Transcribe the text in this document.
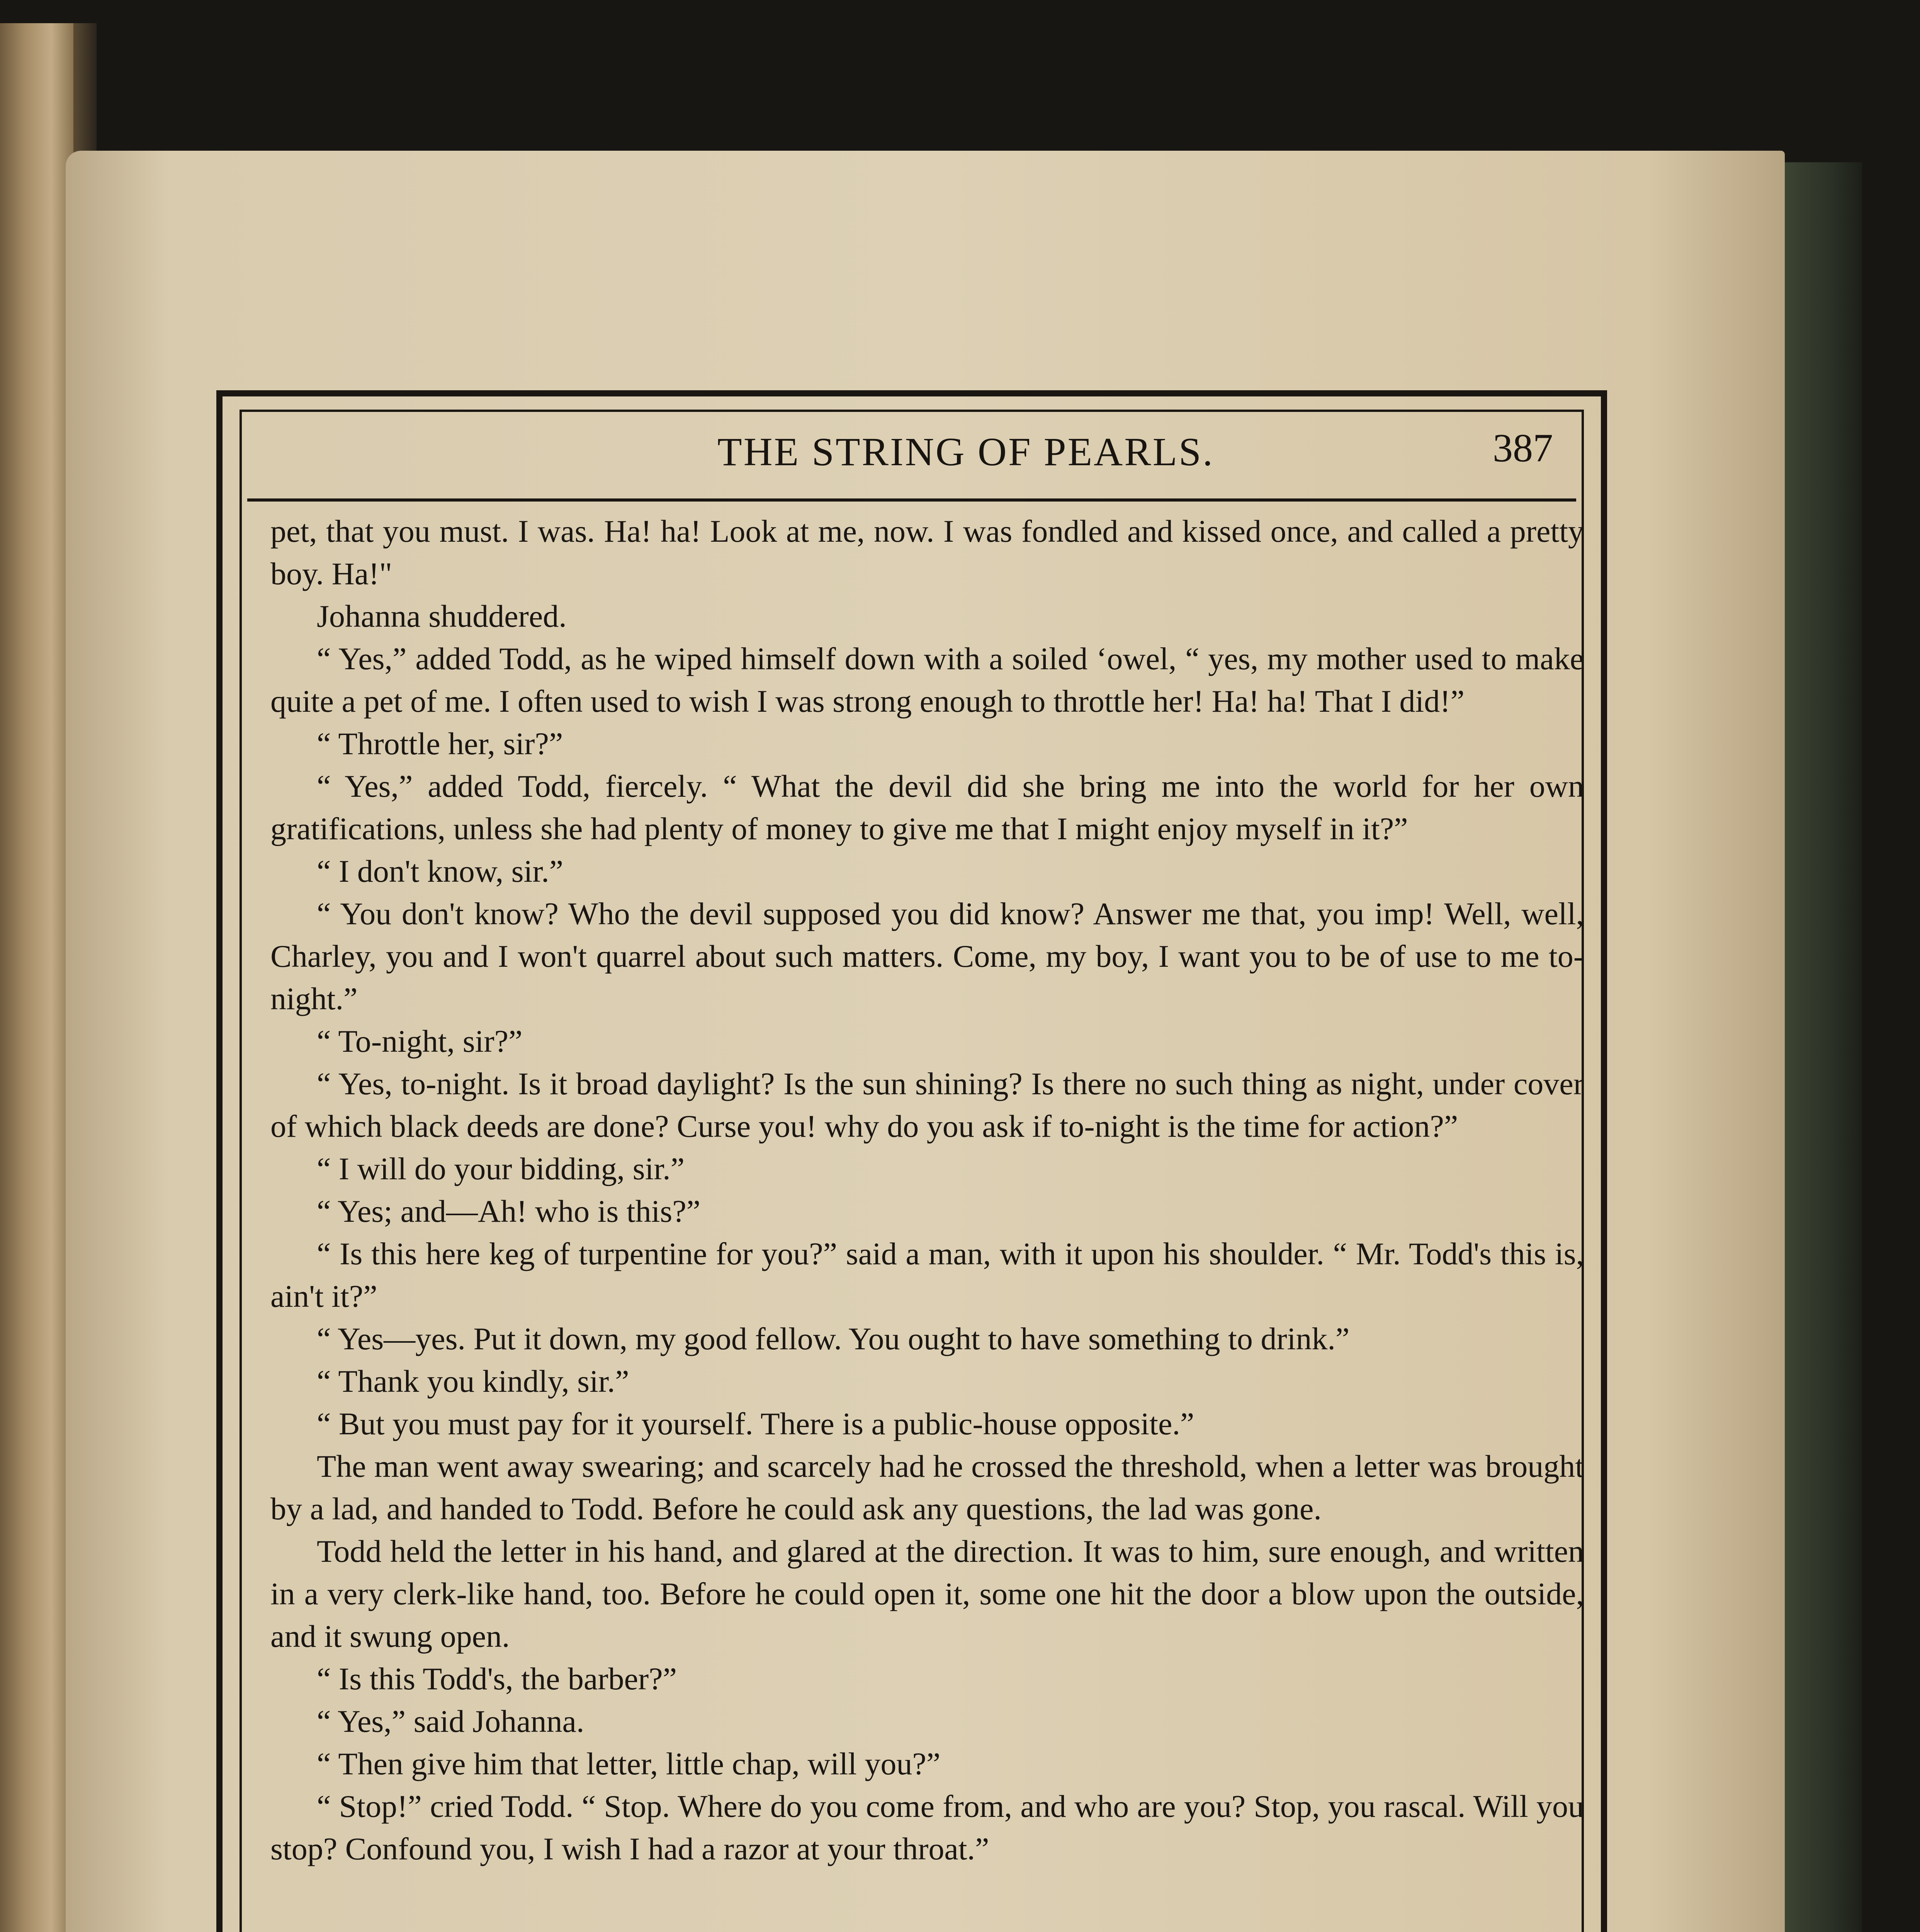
THE STRING OF PEARLS.	387

pet, that you must. I was. Ha! ha! Look at me, now. I was fondled and kissed once, and called a pretty boy. Ha!"

Johanna shuddered.

“ Yes,” added Todd, as he wiped himself down with a soiled ‘owel, “ yes, my mother used to make quite a pet of me. I often used to wish I was strong enough to throttle her! Ha! ha! That I did!”

“ Throttle her, sir?”

“ Yes,” added Todd, fiercely. “ What the devil did she bring me into the world for her own gratifications, unless she had plenty of money to give me that I might enjoy myself in it?”

“ I don't know, sir.”

“ You don't know? Who the devil supposed you did know? Answer me that, you imp! Well, well, Charley, you and I won't quarrel about such matters. Come, my boy, I want you to be of use to me to-night.”

“ To-night, sir?”

“ Yes, to-night. Is it broad daylight? Is the sun shining? Is there no such thing as night, under cover of which black deeds are done? Curse you! why do you ask if to-night is the time for action?”

“ I will do your bidding, sir.”

“ Yes; and—Ah! who is this?”

“ Is this here keg of turpentine for you?” said a man, with it upon his shoulder. “ Mr. Todd's this is, ain't it?”

“ Yes—yes. Put it down, my good fellow. You ought to have something to drink.”

“ Thank you kindly, sir.”

“ But you must pay for it yourself. There is a public-house opposite.”

The man went away swearing; and scarcely had he crossed the threshold, when a letter was brought by a lad, and handed to Todd. Before he could ask any questions, the lad was gone.

Todd held the letter in his hand, and glared at the direction. It was to him, sure enough, and written in a very clerk-like hand, too. Before he could open it, some one hit the door a blow upon the outside, and it swung open.

“ Is this Todd's, the barber?”

“ Yes,” said Johanna.

“ Then give him that letter, little chap, will you?”

“ Stop!” cried Todd. “ Stop. Where do you come from, and who are you? Stop, you rascal. Will you stop? Confound you, I wish I had a razor at your throat.”
